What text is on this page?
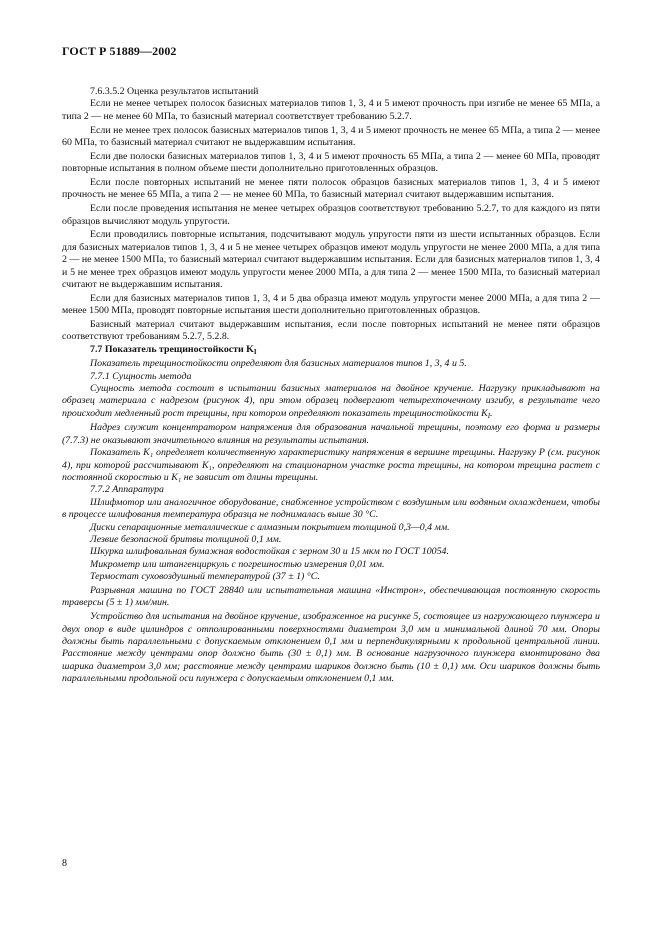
ГОСТ Р 51889—2002

7.6.3.5.2 Оценка результатов испытаний

Если не менее четырех полосок базисных материалов типов 1, 3, 4 и 5 имеют прочность при изгибе не менее 65 МПа, а типа 2 — не менее 60 МПа, то базисный материал соответствует требованию 5.2.7.

Если не менее трех полосок базисных материалов типов 1, 3, 4 и 5 имеют прочность не менее 65 МПа, а типа 2 — менее 60 МПа, то базисный материал считают не выдержавшим испытания.

Если две полоски базисных материалов типов 1, 3, 4 и 5 имеют прочность 65 МПа, а типа 2 — менее 60 МПа, проводят повторные испытания в полном объеме шести дополнительно приготовленных образцов.

Если после повторных испытаний не менее пяти полосок образцов базисных материалов типов 1, 3, 4 и 5 имеют прочность не менее 65 МПа, а типа 2 — не менее 60 МПа, то базисный материал считают выдержавшим испытания.

Если после проведения испытания не менее четырех образцов соответствуют требованию 5.2.7, то для каждого из пяти образцов вычисляют модуль упругости.

Если проводились повторные испытания, подсчитывают модуль упругости пяти из шести испытанных образцов. Если для базисных материалов типов 1, 3, 4 и 5 не менее четырех образцов имеют модуль упругости не менее 2000 МПа, а для типа 2 — не менее 1500 МПа, то базисный материал считают выдержавшим испытания. Если для базисных материалов типов 1, 3, 4 и 5 не менее трех образцов имеют модуль упругости менее 2000 МПа, а для типа 2 — менее 1500 МПа, то базисный материал считают не выдержавшим испытания.

Если для базисных материалов типов 1, 3, 4 и 5 два образца имеют модуль упругости менее 2000 МПа, а для типа 2 — менее 1500 МПа, проводят повторные испытания шести дополнительно приготовленных образцов.

Базисный материал считают выдержавшим испытания, если после повторных испытаний не менее пяти образцов соответствуют требованиям 5.2.7, 5.2.8.

7.7 Показатель трещиностойкости $K_I$

Показатель трещиностойкости определяют для базисных материалов типов 1, 3, 4 и 5.

7.7.1 Сущность метода

Сущность метода состоит в испытании базисных материалов на двойное кручение. Нагрузку прикладывают на образец материала с надрезом (рисунок 4), при этом образец подвергают четырехточечному изгибу, в результате чего происходит медленный рост трещины, при котором определяют показатель трещиностойкости $K_I$.

Надрез служит концентратором напряжения для образования начальной трещины, поэтому его форма и размеры (7.7.3) не оказывают значительного влияния на результаты испытания.

Показатель K₁ определяет количественную характеристику напряжения в вершине трещины. Нагрузку P (см. рисунок 4), при которой рассчитывают K₁, определяют на стационарном участке роста трещины, на котором трещина растет с постоянной скоростью и K₁ не зависит от длины трещины.

7.7.2 Аппаратура

Шлифмотор или аналогичное оборудование, снабженное устройством с воздушным или водяным охлаждением, чтобы в процессе шлифования температура образца не поднималась выше 30 °С.

Диски сепарационные металлические с алмазным покрытием толщиной 0,3—0,4 мм.

Лезвие безопасной бритвы толщиной 0,1 мм.

Шкурка шлифовальная бумажная водостойкая с зерном 30 и 15 мкм по ГОСТ 10054.

Микрометр или штангенциркуль с погрешностью измерения 0,01 мм.

Термостат суховоздушный температурой (37 ± 1) °С.

Разрывная машина по ГОСТ 28840 или испытательная машина «Инстрон», обеспечивающая постоянную скорость траверсы (5 ± 1) мм/мин.

Устройство для испытания на двойное кручение, изображенное на рисунке 5, состоящее из нагружающего плунжера и двух опор в виде цилиндров с отполированными поверхностями диаметром 3,0 мм и минимальной длиной 70 мм. Опоры должны быть параллельными с допускаемым отклонением 0,1 мм и перпендикулярными к продольной центральной линии. Расстояние между центрами опор должно быть (30 ± 0,1) мм. В основание нагрузочного плунжера вмонтировано два шарика диаметром 3,0 мм; расстояние между центрами шариков должно быть (10 ± 0,1) мм. Оси шариков должны быть параллельными продольной оси плунжера с допускаемым отклонением 0,1 мм.

8
